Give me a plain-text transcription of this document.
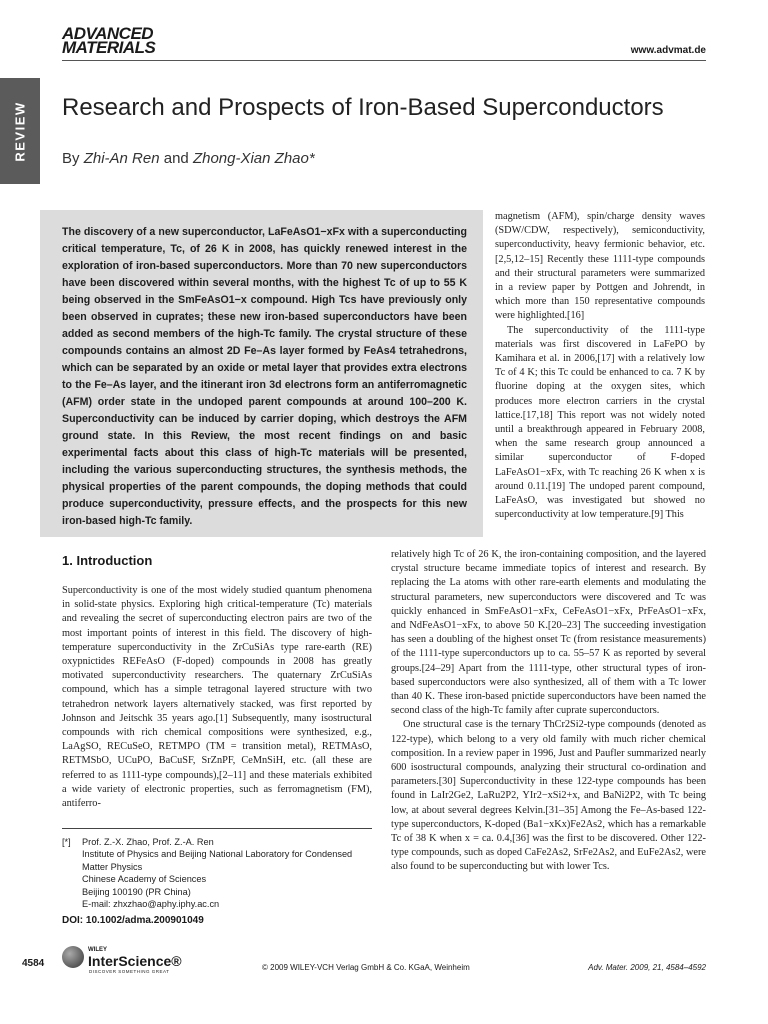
REVIEW
ADVANCED
MATERIALS	www.advmat.de
Research and Prospects of Iron-Based Superconductors
By Zhi-An Ren and Zhong-Xian Zhao*
The discovery of a new superconductor, LaFeAsO1−xFx with a superconducting critical temperature, Tc, of 26 K in 2008, has quickly renewed interest in the exploration of iron-based superconductors. More than 70 new superconductors have been discovered within several months, with the highest Tc of up to 55 K being observed in the SmFeAsO1−x compound. High Tcs have previously only been observed in cuprates; these new iron-based superconductors have been added as second members of the high-Tc family. The crystal structure of these compounds contains an almost 2D Fe–As layer formed by FeAs4 tetrahedrons, which can be separated by an oxide or metal layer that provides extra electrons to the Fe–As layer, and the itinerant iron 3d electrons form an antiferromagnetic (AFM) order state in the undoped parent compounds at around 100–200 K. Superconductivity can be induced by carrier doping, which destroys the AFM ground state. In this Review, the most recent findings on and basic experimental facts about this class of high-Tc materials will be presented, including the various superconducting structures, the synthesis methods, the physical properties of the parent compounds, the doping methods that could produce superconductivity, pressure effects, and the prospects for this new iron-based high-Tc family.

magnetism (AFM), spin/charge density waves (SDW/CDW, respectively), semiconductivity, superconductivity, heavy fermionic behavior, etc.[2,5,12–15] Recently these 1111-type compounds and their structural parameters were summarized in a review paper by Pottgen and Johrendt, in which more than 150 representative compounds were highlighted.[16]

The superconductivity of the 1111-type materials was first discovered in LaFePO by Kamihara et al. in 2006,[17] with a relatively low Tc of 4 K; this Tc could be enhanced to ca. 7 K by fluorine doping at the oxygen sites, which produces more electron carriers in the crystal lattice.[17,18] This report was not widely noted until a breakthrough appeared in February 2008, when the same research group announced a similar superconductor of F-doped LaFeAsO1−xFx, with Tc reaching 26 K when x is around 0.11.[19] The undoped parent compound, LaFeAsO, was investigated but showed no superconductivity at low temperature.[9] This

1. Introduction

Superconductivity is one of the most widely studied quantum phenomena in solid-state physics. Exploring high critical-temperature (Tc) materials and revealing the secret of superconducting electron pairs are two of the most important points of interest in this field. The discovery of high-temperature superconductivity in the ZrCuSiAs type rare-earth (RE) oxypnictides REFeAsO (F-doped) compounds in 2008 has greatly motivated superconductivity researchers. The quaternary ZrCuSiAs compound, which has a simple tetragonal layered structure with two tetrahedron network layers alternatively stacked, was first reported by Johnson and Jeitschk 35 years ago.[1] Subsequently, many isostructural compounds with rich chemical compositions were synthesized, e.g., LaAgSO, RECuSeO, RETMPO (TM = transition metal), RETMAsO, RETMSbO, UCuPO, BaCuSF, SrZnPF, CeMnSiH, etc. (all these are referred to as 1111-type compounds),[2–11] and these materials exhibited a wide variety of electronic properties, such as ferromagnetism (FM), antiferro-

relatively high Tc of 26 K, the iron-containing composition, and the layered crystal structure became immediate topics of interest and research. By replacing the La atoms with other rare-earth elements and modulating the structural parameters, new superconductors were discovered and Tc was quickly enhanced in SmFeAsO1−xFx, CeFeAsO1−xFx, PrFeAsO1−xFx, and NdFeAsO1−xFx, to above 50 K.[20–23] The succeeding investigation has seen a doubling of the highest onset Tc (from resistance measurements) of the 1111-type superconductors up to ca. 55–57 K as reported by several groups.[24–29] Apart from the 1111-type, other structural types of iron-based superconductors were also synthesized, all of them with a Tc lower than 40 K. These iron-based pnictide superconductors have been named the second class of the high-Tc family after cuprate superconductors.

One structural case is the ternary ThCr2Si2-type compounds (denoted as 122-type), which belong to a very old family with much richer chemical composition. In a review paper in 1996, Just and Paufler summarized nearly 600 isostructural compounds, analyzing their structural co-ordination and parameters.[30] Superconductivity in these 122-type compounds has been found in LaIr2Ge2, LaRu2P2, YIr2−xSi2+x, and BaNi2P2, with Tc being low, at about several degrees Kelvin.[31–35] Among the Fe–As-based 122-type superconductors, K-doped (Ba1−xKx)Fe2As2, which has a remarkable Tc of 38 K when x = ca. 0.4,[36] was the first to be discovered. Other 122-type compounds, such as doped CaFe2As2, SrFe2As2, and EuFe2As2, were also found to be superconducting but with lower Tcs.

[*] Prof. Z.-X. Zhao, Prof. Z.-A. Ren
Institute of Physics and Beijing National Laboratory for Condensed Matter Physics
Chinese Academy of Sciences
Beijing 100190 (PR China)
E-mail: zhxzhao@aphy.iphy.ac.cn
DOI: 10.1002/adma.200901049
4584
WILEY
InterScience®
DISCOVER SOMETHING GREAT	© 2009 WILEY-VCH Verlag GmbH & Co. KGaA, Weinheim	Adv. Mater. 2009, 21, 4584–4592
